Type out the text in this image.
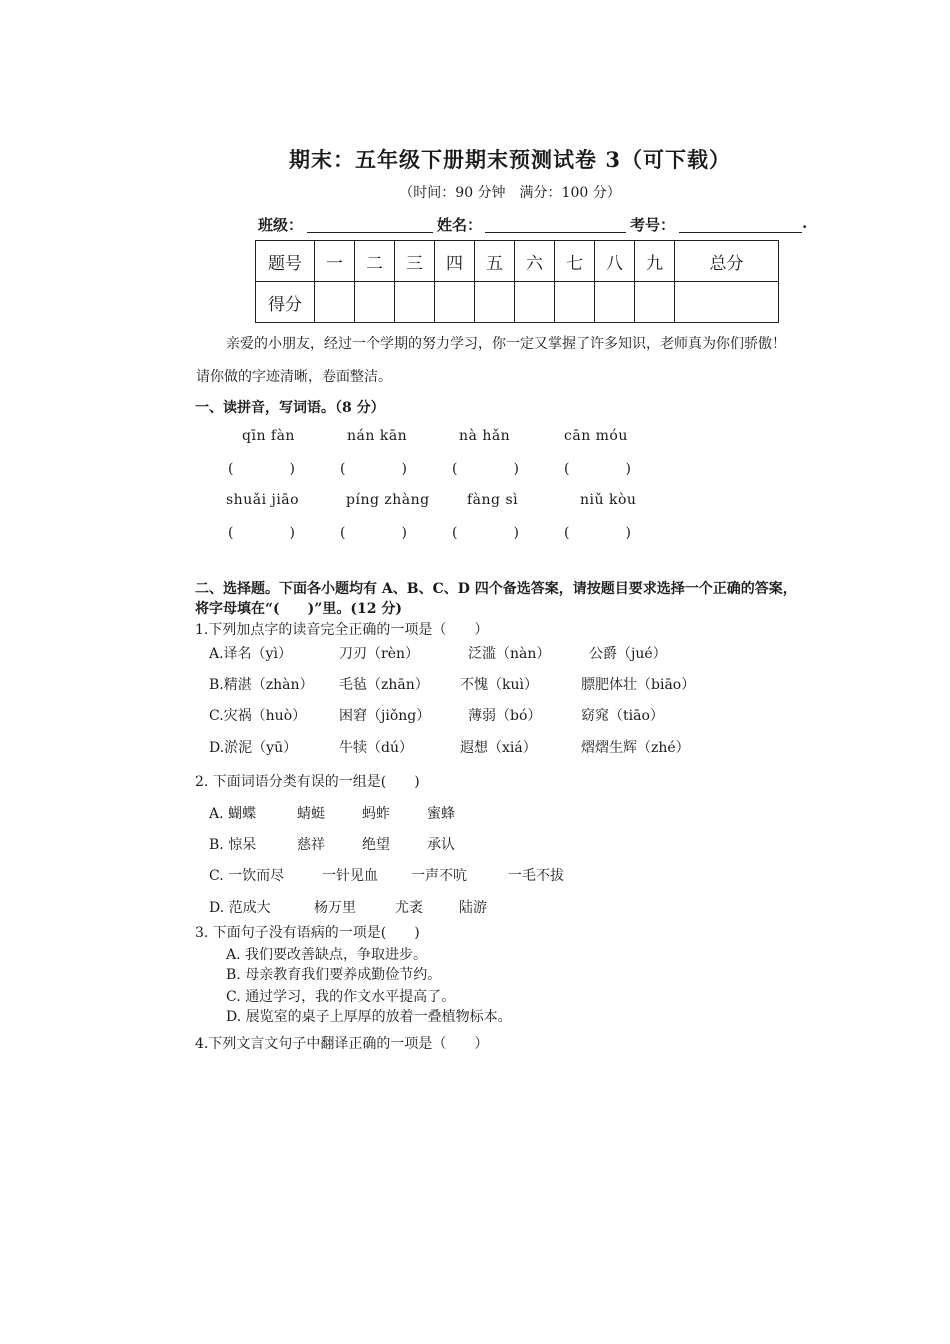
期末：五年级下册期末预测试卷 3（可下载）
（时间：90 分钟　满分：100 分）
班级：	姓名：	考号：	.
题号	一	二	三	四	五	六	七	八	九	总分
得分										
亲爱的小朋友，经过一个学期的努力学习，你一定又掌握了许多知识，老师真为你们骄傲！
请你做的字迹清晰，卷面整洁。
一、读拼音，写词语。（8 分）
qīn fàn	nán kān	nà hǎn	cān móu
(　　　　)	(　　　　)	(　　　　)	(　　　　)
shuǎi jiāo	píng zhàng	fàng sì	niǔ kòu
(　　　　)	(　　　　)	(　　　　)	(　　　　)
二、选择题。下面各小题均有 A、B、C、D 四个备选答案，请按题目要求选择一个正确的答案，
将字母填在“(　　)”里。(12 分)
1.下列加点字的读音完全正确的一项是（　　）
A.译名（yì）	刀刃（rèn）	泛滥（nàn）	公爵（jué）
B.精湛（zhàn） 毛毡（zhān） 不愧（kuì）	膘肥体壮（biāo）
C.灾祸（huò） 困窘（jiǒng）	薄弱（bó）	窈窕（tiāo）
D.淤泥（yū）	牛犊（dú）	遐想（xiá）	熠熠生辉（zhé）
2. 下面词语分类有误的一组是(　　)
A. 蝴蝶	蜻蜓	蚂蚱	蜜蜂
B. 惊呆	慈祥	绝望	承认
C. 一饮而尽	一针见血 一声不吭	一毛不拔
D. 范成大	杨万里	尤袤	陆游
3. 下面句子没有语病的一项是(　　)
A. 我们要改善缺点，争取进步。
B. 母亲教育我们要养成勤俭节约。
C. 通过学习，我的作文水平提高了。
D. 展览室的桌子上厚厚的放着一叠植物标本。
4.下列文言文句子中翻译正确的一项是（　　）
